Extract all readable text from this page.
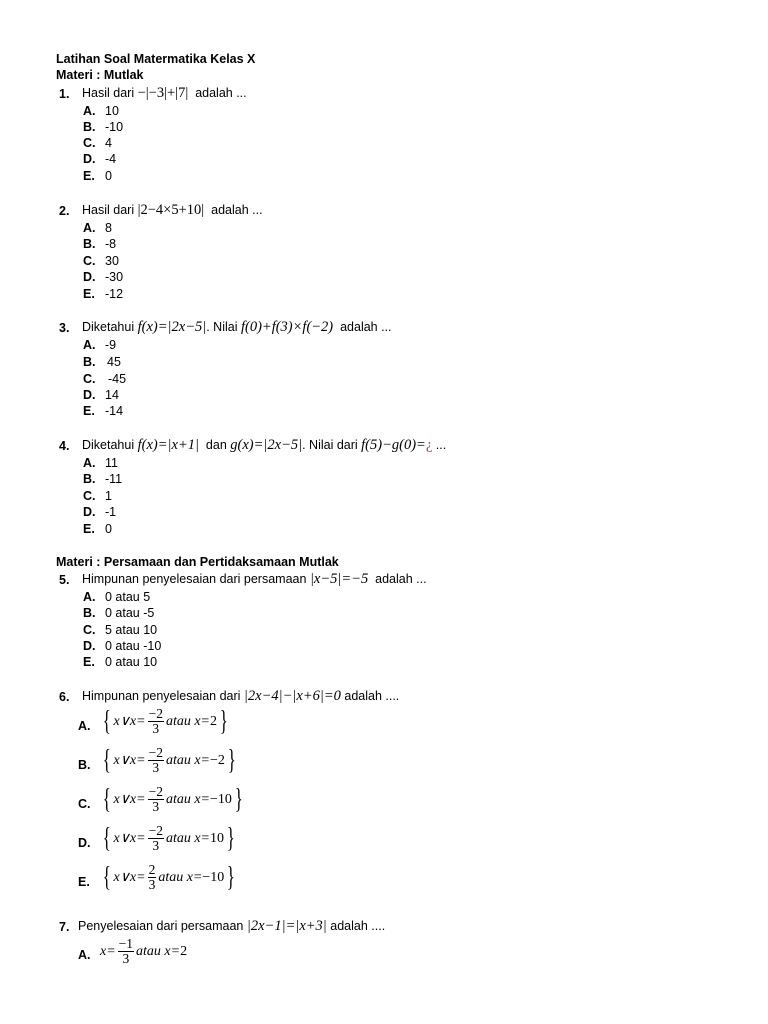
Latihan Soal Matermatika Kelas X
Materi : Mutlak
1. Hasil dari −|−3|+|7| adalah ...
A. 10
B. -10
C. 4
D. -4
E. 0
2. Hasil dari |2−4×5+10| adalah ...
A. 8
B. -8
C. 30
D. -30
E. -12
3. Diketahui f(x)=|2x−5|. Nilai f(0)+f(3)×f(−2) adalah ...
A. -9
B. 45
C. -45
D. 14
E. -14
4. Diketahui f(x)=|x+1| dan g(x)=|2x−5|. Nilai dari f(5)−g(0)=¿ ...
A. 11
B. -11
C. 1
D. -1
E. 0
Materi : Persamaan dan Pertidaksamaan Mutlak
5. Himpunan penyelesaian dari persamaan |x−5|=−5 adalah ...
A. 0 atau 5
B. 0 atau -5
C. 5 atau 10
D. 0 atau -10
E. 0 atau 10
6. Himpunan penyelesaian dari |2x−4|−|x+6|=0 adalah ....
A. { x∨x= $\frac{-2}{3}$ atau x= 2 }
B. { x∨x= $\frac{-2}{3}$ atau x= −2 }
C. { x∨x= $\frac{-2}{3}$ atau x= −10 }
D. { x∨x= $\frac{-2}{3}$ atau x= 10 }
E. { x∨x= $\frac{2}{3}$ atau x= −10 }
7. Penyelesaian dari persamaan |2x−1|=|x+3| adalah ....
A. $x= \frac{-1}{3}$ atau x= 2
